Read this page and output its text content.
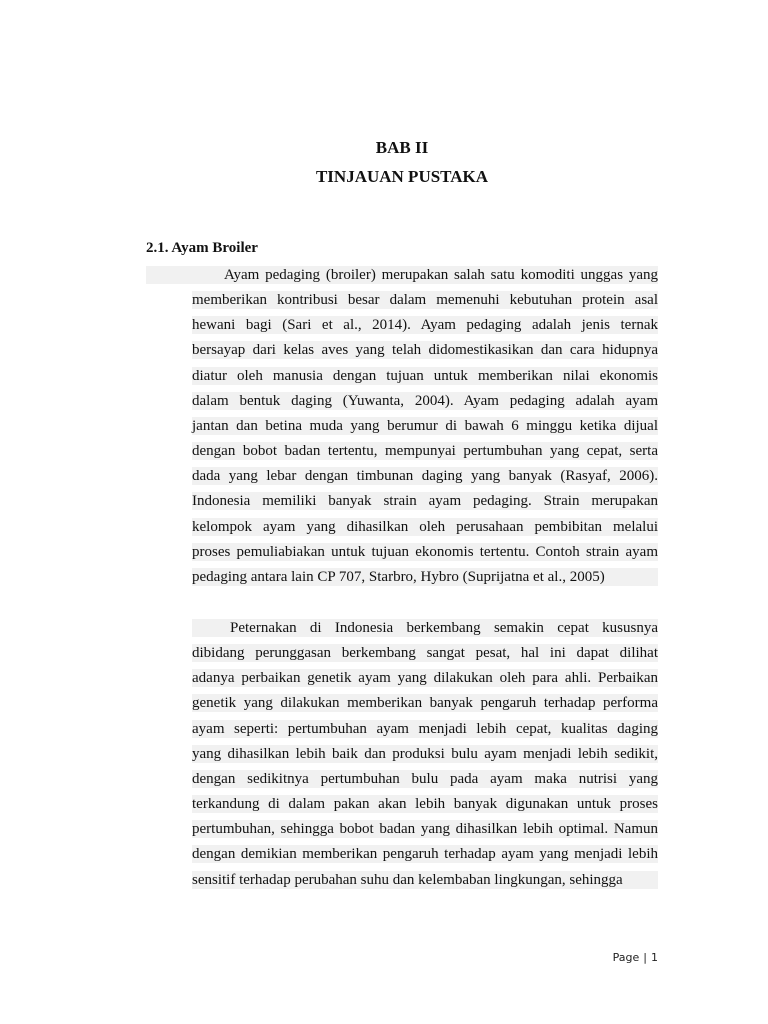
BAB II
TINJAUAN PUSTAKA
2.1. Ayam Broiler
Ayam pedaging (broiler) merupakan salah satu komoditi unggas yang
memberikan kontribusi besar dalam memenuhi kebutuhan protein asal
hewani bagi (Sari et al., 2014). Ayam pedaging adalah jenis ternak
bersayap dari kelas aves yang telah didomestikasikan dan cara hidupnya
diatur oleh manusia dengan tujuan untuk memberikan nilai ekonomis
dalam bentuk daging (Yuwanta, 2004). Ayam pedaging adalah ayam
jantan dan betina muda yang berumur di bawah 6 minggu ketika dijual
dengan bobot badan tertentu, mempunyai pertumbuhan yang cepat, serta
dada yang lebar dengan timbunan daging yang banyak (Rasyaf, 2006).
Indonesia memiliki banyak strain ayam pedaging. Strain merupakan
kelompok ayam yang dihasilkan oleh perusahaan pembibitan melalui
proses pemuliabiakan untuk tujuan ekonomis tertentu. Contoh strain ayam
pedaging antara lain CP 707, Starbro, Hybro (Suprijatna et al., 2005)
Peternakan di Indonesia berkembang semakin cepat kususnya
dibidang perunggasan berkembang sangat pesat, hal ini dapat dilihat
adanya perbaikan genetik ayam yang dilakukan oleh para ahli. Perbaikan
genetik yang dilakukan memberikan banyak pengaruh terhadap performa
ayam seperti: pertumbuhan ayam menjadi lebih cepat, kualitas daging
yang dihasilkan lebih baik dan produksi bulu ayam menjadi lebih sedikit,
dengan sedikitnya pertumbuhan bulu pada ayam maka nutrisi yang
terkandung di dalam pakan akan lebih banyak digunakan untuk proses
pertumbuhan, sehingga bobot badan yang dihasilkan lebih optimal. Namun
dengan demikian memberikan pengaruh terhadap ayam yang menjadi lebih
sensitif terhadap perubahan suhu dan kelembaban lingkungan, sehingga
Page | 1
